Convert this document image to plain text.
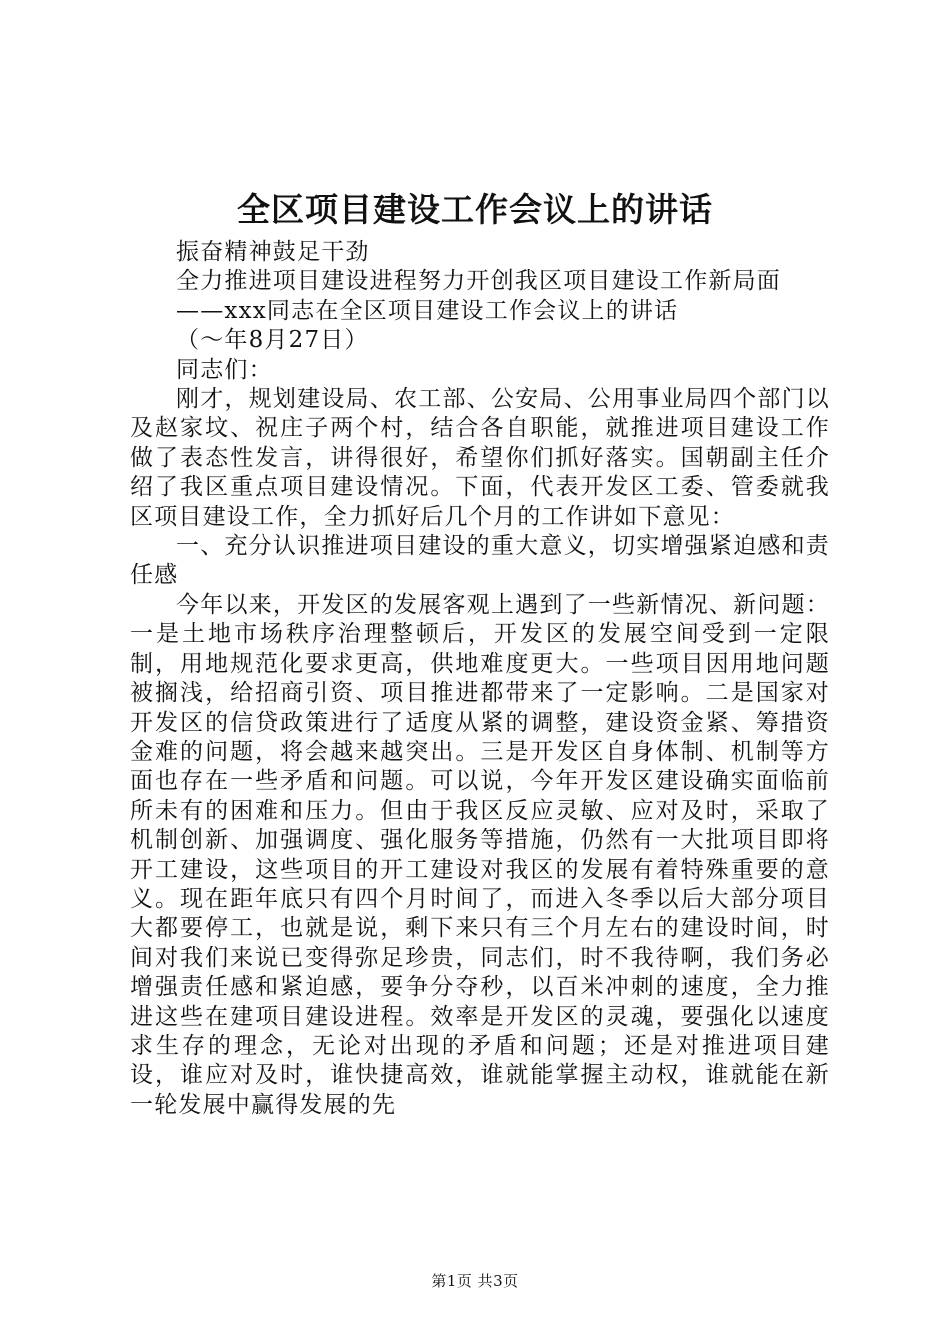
全区项目建设工作会议上的讲话

振奋精神鼓足干劲

全力推进项目建设进程努力开创我区项目建设工作新局面

——xxx同志在全区项目建设工作会议上的讲话

（～年8月27日）

同志们：

刚才，规划建设局、农工部、公安局、公用事业局四个部门以及赵家坟、祝庄子两个村，结合各自职能，就推进项目建设工作做了表态性发言，讲得很好，希望你们抓好落实。国朝副主任介绍了我区重点项目建设情况。下面，代表开发区工委、管委就我区项目建设工作，全力抓好后几个月的工作讲如下意见：

一、充分认识推进项目建设的重大意义，切实增强紧迫感和责任感

今年以来，开发区的发展客观上遇到了一些新情况、新问题：一是土地市场秩序治理整顿后，开发区的发展空间受到一定限制，用地规范化要求更高，供地难度更大。一些项目因用地问题被搁浅，给招商引资、项目推进都带来了一定影响。二是国家对开发区的信贷政策进行了适度从紧的调整，建设资金紧、筹措资金难的问题，将会越来越突出。三是开发区自身体制、机制等方面也存在一些矛盾和问题。可以说，今年开发区建设确实面临前所未有的困难和压力。但由于我区反应灵敏、应对及时，采取了机制创新、加强调度、强化服务等措施，仍然有一大批项目即将开工建设，这些项目的开工建设对我区的发展有着特殊重要的意义。现在距年底只有四个月时间了，而进入冬季以后大部分项目大都要停工，也就是说，剩下来只有三个月左右的建设时间，时间对我们来说已变得弥足珍贵，同志们，时不我待啊，我们务必增强责任感和紧迫感，要争分夺秒，以百米冲刺的速度，全力推进这些在建项目建设进程。效率是开发区的灵魂，要强化以速度求生存的理念，无论对出现的矛盾和问题；还是对推进项目建设，谁应对及时，谁快捷高效，谁就能掌握主动权，谁就能在新一轮发展中赢得发展的先

第1页 共3页
